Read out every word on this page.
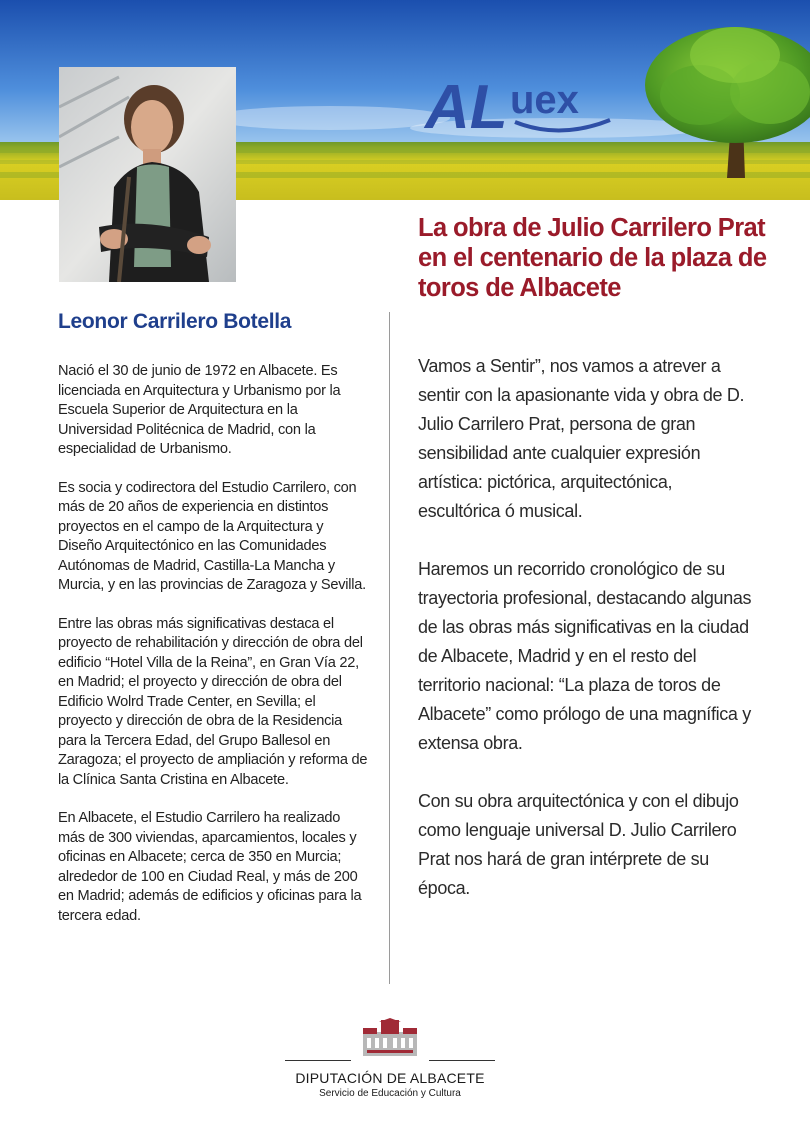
AL uex
La obra de Julio Carrilero Prat en el centenario de la plaza de toros de Albacete
Leonor Carrilero Botella

Nació el 30 de junio de 1972 en Albacete. Es licenciada en Arquitectura y Urbanismo por la Escuela Superior de Arquitectura en la Universidad Politécnica de Madrid, con la especialidad de Urbanismo.

Es socia y codirectora del Estudio Carrilero, con más de 20 años de experiencia en distintos proyectos en el campo de la Arquitectura y Diseño Arquitectónico en las Comunidades Autónomas de Madrid, Castilla-La Mancha y Murcia, y en las provincias de Zaragoza y Sevilla.

Entre las obras más significativas destaca el proyecto de rehabilitación y dirección de obra del edificio “Hotel Villa de la Reina”, en Gran Vía 22, en Madrid; el proyecto y dirección de obra del Edificio Wolrd Trade Center, en Sevilla; el proyecto y dirección de obra de la Residencia para la Tercera Edad, del Grupo Ballesol en Zaragoza; el proyecto de ampliación y reforma de la Clínica Santa Cristina en Albacete.

En Albacete, el Estudio Carrilero ha realizado más de 300 viviendas, aparcamientos, locales y oficinas en Albacete; cerca de 350 en Murcia; alrededor de 100 en Ciudad Real, y más de 200 en Madrid; además de edificios y oficinas para la tercera edad.

Vamos a Sentir”, nos vamos a atrever a sentir con la apasionante vida y obra de D. Julio Carrilero Prat, persona de gran sensibilidad ante cualquier expresión artística: pictórica, arquitectónica, escultórica ó musical.

Haremos un recorrido cronológico de su trayectoria profesional, destacando algunas de las obras más significativas en la ciudad de Albacete, Madrid y en el resto del territorio nacional: “La plaza de toros de Albacete” como prólogo de una magnífica y extensa obra.

Con su obra arquitectónica y con el dibujo como lenguaje universal D. Julio Carrilero Prat nos hará de gran intérprete de su época.

DIPUTACIÓN DE ALBACETE
Servicio de Educación y Cultura
